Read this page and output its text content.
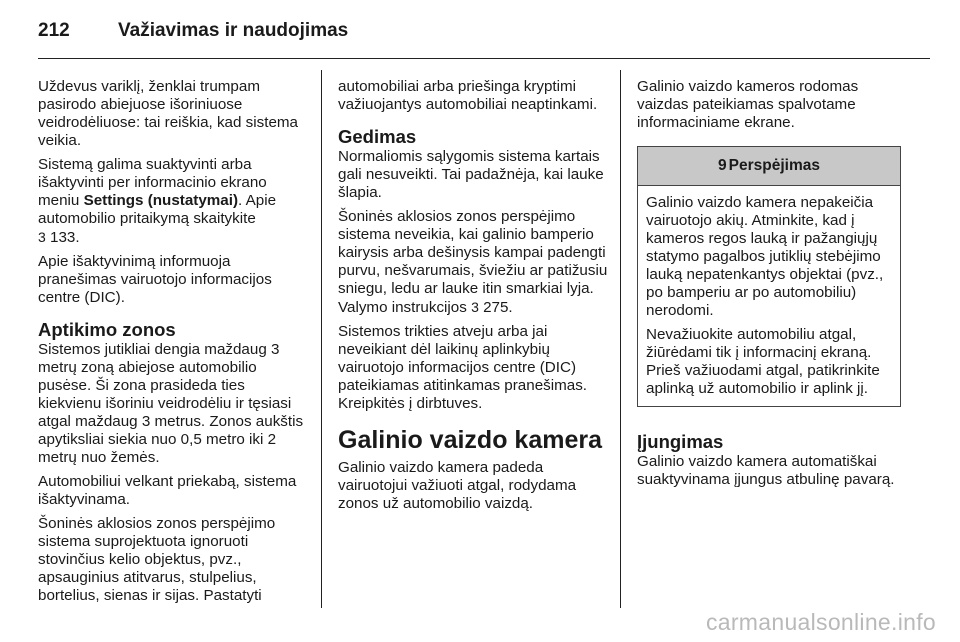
212	Važiavimas ir naudojimas

Uždevus variklį, ženklai trumpam pasirodo abiejuose išoriniuose veidrodėliuose: tai reiškia, kad sistema veikia.

Sistemą galima suaktyvinti arba išaktyvinti per informacinio ekrano meniu Settings (nustatymai). Apie automobilio pritaikymą skaitykite
3 133.

Apie išaktyvinimą informuoja pranešimas vairuotojo informacijos centre (DIC).

Aptikimo zonos

Sistemos jutikliai dengia maždaug 3 metrų zoną abiejose automobilio pusėse. Ši zona prasideda ties kiekvienu išoriniu veidrodėliu ir tęsiasi atgal maždaug 3 metrus. Zonos aukštis apytiksliai siekia nuo 0,5 metro iki 2 metrų nuo žemės.

Automobiliui velkant priekabą, sistema išaktyvinama.

Šoninės aklosios zonos perspėjimo sistema suprojektuota ignoruoti stovinčius kelio objektus, pvz., apsauginius atitvarus, stulpelius, bortelius, sienas ir sijas. Pastatyti

automobiliai arba priešinga kryptimi važiuojantys automobiliai neaptinkami.

Gedimas

Normaliomis sąlygomis sistema kartais gali nesuveikti. Tai padažnėja, kai lauke šlapia.

Šoninės aklosios zonos perspėjimo sistema neveikia, kai galinio bamperio kairysis arba dešinysis kampai padengti purvu, nešvarumais, šviežiu ar patižusiu sniegu, ledu ar lauke itin smarkiai lyja. Valymo instrukcijos 3 275.

Sistemos trikties atveju arba jai neveikiant dėl laikinų aplinkybių vairuotojo informacijos centre (DIC) pateikiamas atitinkamas pranešimas. Kreipkitės į dirbtuves.

Galinio vaizdo kamera

Galinio vaizdo kamera padeda vairuotojui važiuoti atgal, rodydama zonos už automobilio vaizdą.

Galinio vaizdo kameros rodomas vaizdas pateikiamas spalvotame informaciniame ekrane.

9 Perspėjimas

Galinio vaizdo kamera nepakeičia vairuotojo akių. Atminkite, kad į kameros regos lauką ir pažangiųjų statymo pagalbos jutiklių stebėjimo lauką nepatenkantys objektai (pvz., po bamperiu ar po automobiliu) nerodomi.

Nevažiuokite automobiliu atgal, žiūrėdami tik į informacinį ekraną. Prieš važiuodami atgal, patikrinkite aplinką už automobilio ir aplink jį.

Įjungimas

Galinio vaizdo kamera automatiškai suaktyvinama įjungus atbulinę pavarą.

carmanualsonline.info
